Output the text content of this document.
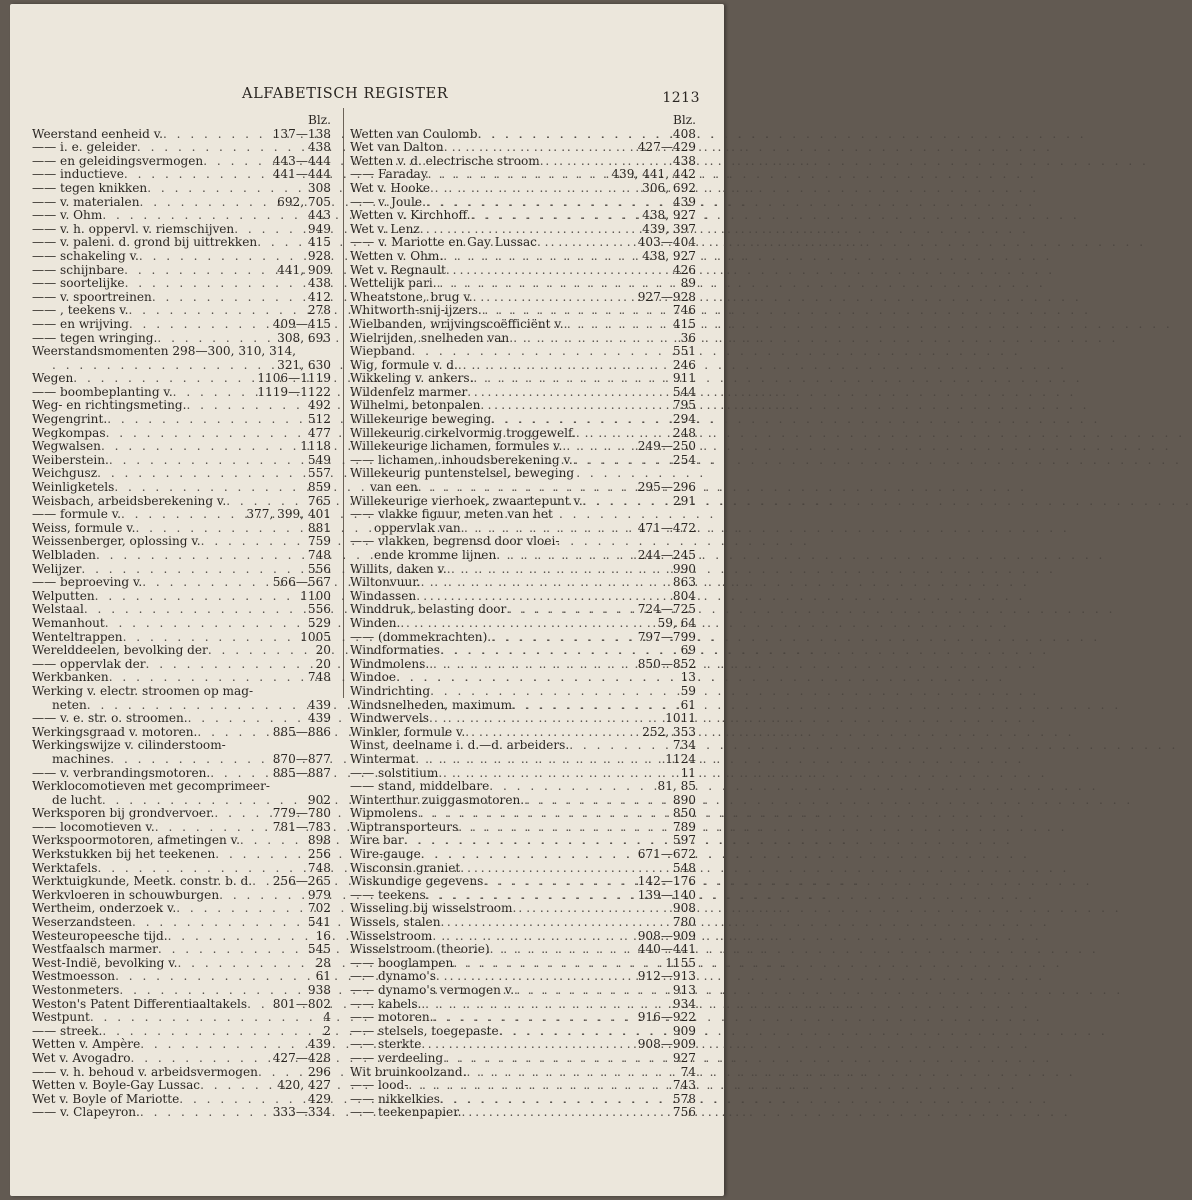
ALFABETISCH REGISTER	1213
Blz.
Weerstand eenheid v. . . .	137—138
—— i. e. geleider . . .	438
—— en geleidingsvermogen . . .	443—444
—— inductieve . . .	441—444
—— tegen knikken . . .	308
—— v. materialen . . .	692, 705
—— v. Ohm . . .	443
—— v. h. oppervl. v. riemschijven . . .	949
—— v. paleni. d. grond bij uittrekken . . .	415
—— schakeling v. . . .	928
—— schijnbare . . .	441, 909
—— soortelijke . . .	438
—— v. spoortreinen . . .	412
—— , teekens v. . . .	278
—— en wrijving . . .	409—415
—— tegen wringing. . . .	308, 693
Weerstandsmomenten 298—300, 310, 314,
. . .
321, 630
Wegen . . .	1106—1119
—— boombeplanting v. . . .	1119—1122
Weg- en richtingsmeting. . . .	492
Wegengrint. . . .	512
Wegkompas . . .	477
Wegwalsen . . .	1118
Weiberstein. . . .	549
Weichgusz . . .	557
Weinligketels . . .	859
Weisbach, arbeidsberekening v. . . .	765
—— formule v. . . .	377, 399, 401
Weiss, formule v. . . .	881
Weissenberger, oplossing v. . . .	759
Welbladen . . .	748
Welijzer . . .	556
—— beproeving v. . . .	566—567
Welputten . . .	1100
Welstaal . . .	556
Wemanhout . . .	529
Wenteltrappen . . .	1005
Werelddeelen, bevolking der . . .	20
—— oppervlak der . . .	20
Werkbanken . . .	748
Werking v. electr. stroomen op mag-
neten . . .	439
—— v. e. str. o. stroomen. . . .	439
Werkingsgraad v. motoren. . . .	885—886
Werkingswijze v. cilinderstoom-
machines . . .	870—877
—— v. verbrandingsmotoren. . . .	885—887
Werklocomotieven met gecomprimeer-
de lucht . . .	902
Werksporen bij grondvervoer. . . .	779—780
—— locomotieven v. . . .	781—783
Werkspoormotoren, afmetingen v. . . .	898
Werkstukken bij het teekenen . . .	256
Werktafels . . .	748
Werktuigkunde, Meetk. constr. b. d. . . . 256—265
Werkvloeren in schouwburgen . . .	979
Wertheim, onderzoek v. . . .	702
Weserzandsteen . . .	541
Westeuropeesche tijd. . . .	16
Westfaalsch marmer . . .	545
West-Indië, bevolking v. . . .	28
Westmoesson . . .	61
Westonmeters . . .	938
Weston's Patent Differentiaaltakels . . . 801—802
Westpunt . . .	4
—— streek. . . .	2
Wetten v. Ampère . . .	439
Wet v. Avogadro . . .	427—428
—— v. h. behoud v. arbeidsvermogen . . .	296
Wetten v. Boyle-Gay Lussac . . .	420, 427
Wet v. Boyle of Mariotte . . .	429
—— v. Clapeyron. . . .	333—334
Blz.
Wetten van Coulomb . . .	408
Wet van Dalton . . .	427—429
Wetten v. d. electrische stroom . . .	438
—— Faraday . . .	439, 441, 442
Wet v. Hooke . . .	306, 692
—— v. Joule. . . .	439
Wetten v. Kirchhoff. . . .	438, 927
Wet v. Lenz . . .	439, 397
—— v. Mariotte en Gay Lussac . . .	403—404
Wetten v. Ohm. . . .	438, 927
Wet v. Regnault . . .	426
Wettelijk pari. . . .	89
Wheatstone, brug v. . . .	927—928
Whitworth-snij-ijzers. . . .	746
Wielbanden, wrijvingscoëfficiënt v. . . .	415
Wielrijden, snelheden van . . .	36
Wiepband . . .	551
Wig, formule v. d. . . .	246
Wikkeling v. ankers. . . .	911
Wildenfelz marmer . . .	544
Wilhelmi, betonpalen . . .	795
Willekeurige beweging . . .	294
Willekeurig cirkelvormig troggewelf. . . .	248
Willekeurige lichamen, formules v. . . .	249—250
—— lichamen, inhoudsberekening v. . . .	254
Willekeurig puntenstelsel, beweging
van een . . .	295—296
Willekeurige vierhoek, zwaartepunt v. . . .	291
—— vlakke figuur, meten van het
oppervlak van . . .	471—472
—— vlakken, begrensd door vloei-
ende kromme lijnen . . .	244—245
Willits, daken v. . . .	990
Wiltonvuur. . . .	863
Windassen . . .	804
Winddruk, belasting door . . .	724—725
Winden. . . .	59, 64
—— (dommekrachten). . . .	797—799
Windformaties . . .	69
Windmolens. . . .	850—852
Windoe . . .	13
Windrichting . . .	59
Windsnelheden, maximum . . .	61
Windwervels . . .	1011
Winkler, formule v. . . .	252, 353
Winst, deelname i. d.—d. arbeiders. . . .	734
Wintermat . . .	1124
—— solstitium . . .	11
—— stand, middelbare . . .	81, 85
Winterthur zuiggasmotoren. . . .	890
Wipmolens . . .	850
Wiptransporteurs . . .	789
Wire bar . . .	597
Wire-gauge . . .	671—672
Wisconsin graniet . . .	548
Wiskundige gegevens . . .	142—176
—— teekens . . .	139—140
Wisseling bij wisselstroom . . .	908
Wissels, stalen . . .	780
Wisselstroom . . .	908—909
Wisselstroom (theorie) . . .	440—441
—— booglampen . . .	1155
—— dynamo's . . .	912—913
—— dynamo's vermogen v. . . .	913
—— kabels. . . .	934
—— motoren. . . .	916—922
—— stelsels, toegepaste . . .	909
—— sterkte . . .	908—909
—— verdeeling . . .	927
Wit bruinkoolzand. . . .	74
—— lood- . . .	743
—— nikkelkies . . .	578
—— teekenpapier. . . .	756
